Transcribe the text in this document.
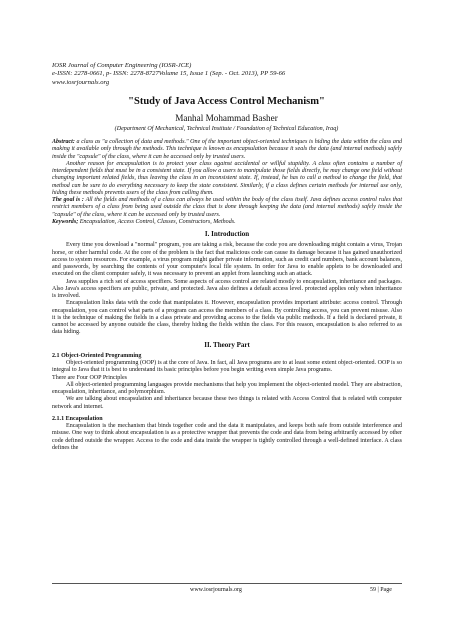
IOSR Journal of Computer Engineering (IOSR-JCE)
e-ISSN: 2278-0661, p- ISSN: 2278-8727Volume 15, Issue 1 (Sep. - Oct. 2013), PP 59-66
www.iosrjournals.org
"Study of Java Access Control Mechanism"
Manhal Mohammad Basher
(Department Of Mechanical, Technical Institute / Foundation of Technical Education, Iraq)

Abstract: a class as "a collection of data and methods." One of the important object-oriented techniques is hiding the data within the class and making it available only through the methods. This technique is known as encapsulation because it seals the data (and internal methods) safely inside the "capsule" of the class, where it can be accessed only by trusted users.

Another reason for encapsulation is to protect your class against accidental or willful stupidity. A class often contains a number of interdependent fields that must be in a consistent state. If you allow a users to manipulate those fields directly, he may change one field without changing important related fields, thus leaving the class in an inconsistent state. If, instead, he has to call a method to change the field, that method can be sure to do everything necessary to keep the state consistent. Similarly, if a class defines certain methods for internal use only, hiding these methods prevents users of the class from calling them.

The goal is : All the fields and methods of a class can always be used within the body of the class itself. Java defines access control rules that restrict members of a class from being used outside the class that is done through keeping the data (and internal methods) safely inside the "capsule" of the class, where it can be accessed only by trusted users.

Keywords; Encapsulation, Access Control, Classes, Constructors, Methods.

I. Introduction

Every time you download a "normal" program, you are taking a risk, because the code you are downloading might contain a virus, Trojan horse, or other harmful code. At the core of the problem is the fact that malicious code can cause its damage because it has gained unauthorized access to system resources. For example, a virus program might gather private information, such as credit card numbers, bank account balances, and passwords, by searching the contents of your computer's local file system. In order for Java to enable applets to be downloaded and executed on the client computer safely, it was necessary to prevent an applet from launching such an attack.

Java supplies a rich set of access specifiers. Some aspects of access control are related mostly to encapsulation, inheritance and packages. Also Java's access specifiers are public, private, and protected. Java also defines a default access level. protected applies only when inheritance is involved.

Encapsulation links data with the code that manipulates it. However, encapsulation provides important attribute: access control. Through encapsulation, you can control what parts of a program can access the members of a class. By controlling access, you can prevent misuse. Also it is the technique of making the fields in a class private and providing access to the fields via public methods. If a field is declared private, it cannot be accessed by anyone outside the class, thereby hiding the fields within the class. For this reason, encapsulation is also referred to as data hiding.

II. Theory Part
2.1 Object-Oriented Programming

Object-oriented programming (OOP) is at the core of Java. In fact, all Java programs are to at least some extent object-oriented. OOP is so integral to Java that it is best to understand its basic principles before you begin writing even simple Java programs.

There are Four OOP Principles

All object-oriented programming languages provide mechanisms that help you implement the object-oriented model. They are abstraction, encapsulation, inheritance, and polymorphism.

We are talking about encapsulation and inheritance because these two things is related with Access Control that is related with computer network and internet.

2.1.1 Encapsulation

Encapsulation is the mechanism that binds together code and the data it manipulates, and keeps both safe from outside interference and misuse. One way to think about encapsulation is as a protective wrapper that prevents the code and data from being arbitrarily accessed by other code defined outside the wrapper. Access to the code and data inside the wrapper is tightly controlled through a well-defined interface. A class defines the

www.iosrjournals.org	59 | Page
